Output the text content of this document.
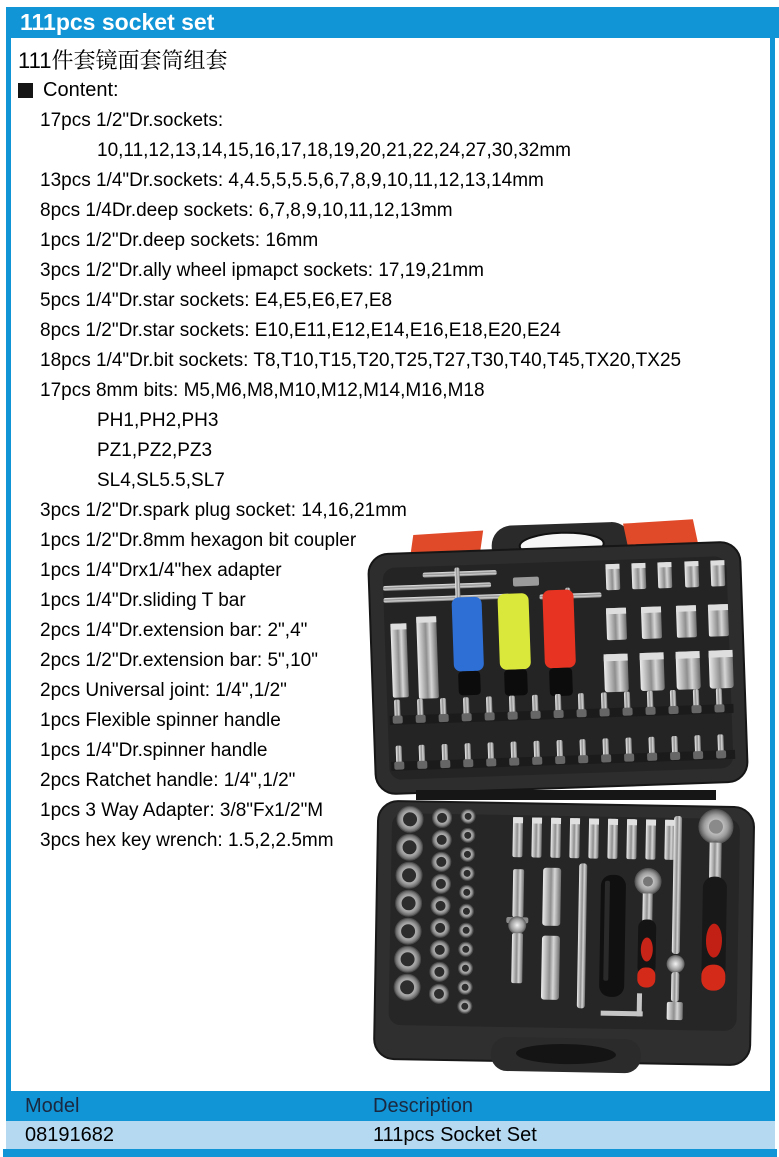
111pcs socket set
111件套镜面套筒组套
Content:
17pcs 1/2"Dr.sockets:
10,11,12,13,14,15,16,17,18,19,20,21,22,24,27,30,32mm
13pcs 1/4"Dr.sockets: 4,4.5,5,5.5,6,7,8,9,10,11,12,13,14mm
8pcs 1/4Dr.deep sockets: 6,7,8,9,10,11,12,13mm
1pcs 1/2"Dr.deep sockets: 16mm
3pcs 1/2"Dr.ally wheel ipmapct sockets: 17,19,21mm
5pcs 1/4"Dr.star sockets: E4,E5,E6,E7,E8
8pcs 1/2"Dr.star sockets: E10,E11,E12,E14,E16,E18,E20,E24
18pcs 1/4"Dr.bit sockets: T8,T10,T15,T20,T25,T27,T30,T40,T45,TX20,TX25
17pcs 8mm bits: M5,M6,M8,M10,M12,M14,M16,M18
PH1,PH2,PH3
PZ1,PZ2,PZ3
SL4,SL5.5,SL7
3pcs 1/2"Dr.spark plug socket: 14,16,21mm
1pcs 1/2"Dr.8mm hexagon bit coupler
1pcs 1/4"Drx1/4"hex adapter
1pcs 1/4"Dr.sliding T bar
2pcs 1/4"Dr.extension bar: 2",4"
2pcs 1/2"Dr.extension bar: 5",10"
2pcs Universal joint: 1/4",1/2"
1pcs Flexible spinner handle
1pcs 1/4"Dr.spinner handle
2pcs Ratchet handle: 1/4",1/2"
1pcs 3 Way Adapter: 3/8"Fx1/2"M
3pcs hex key wrench: 1.5,2,2.5mm
Model	Description
08191682	111pcs Socket Set
